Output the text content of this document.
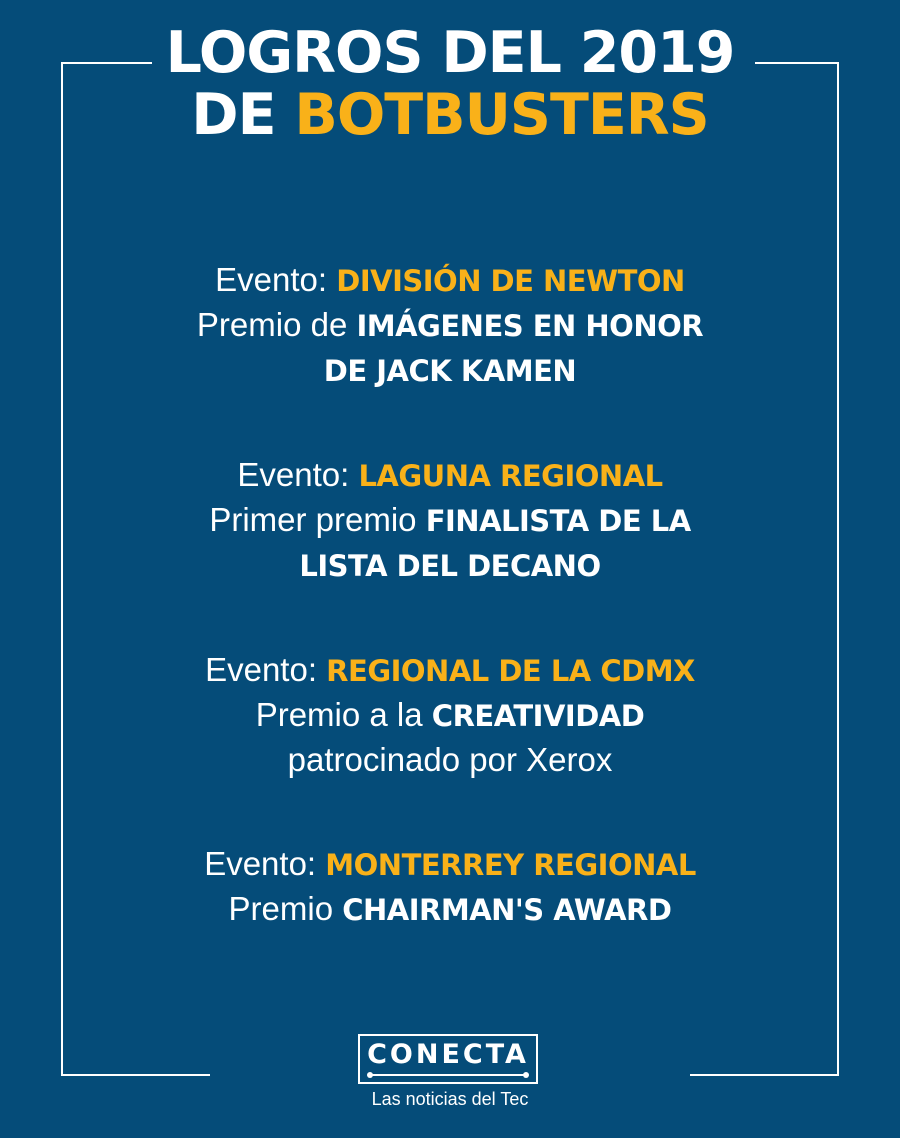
LOGROS DEL 2019
DE BOTBUSTERS
Evento: DIVISIÓN DE NEWTON
Premio de IMÁGENES EN HONOR
DE JACK KAMEN
Evento: LAGUNA REGIONAL
Primer premio FINALISTA DE LA
LISTA DEL DECANO
Evento: REGIONAL DE LA CDMX
Premio a la CREATIVIDAD
patrocinado por Xerox
Evento: MONTERREY REGIONAL
Premio CHAIRMAN'S AWARD
CONECTA
Las noticias del Tec
